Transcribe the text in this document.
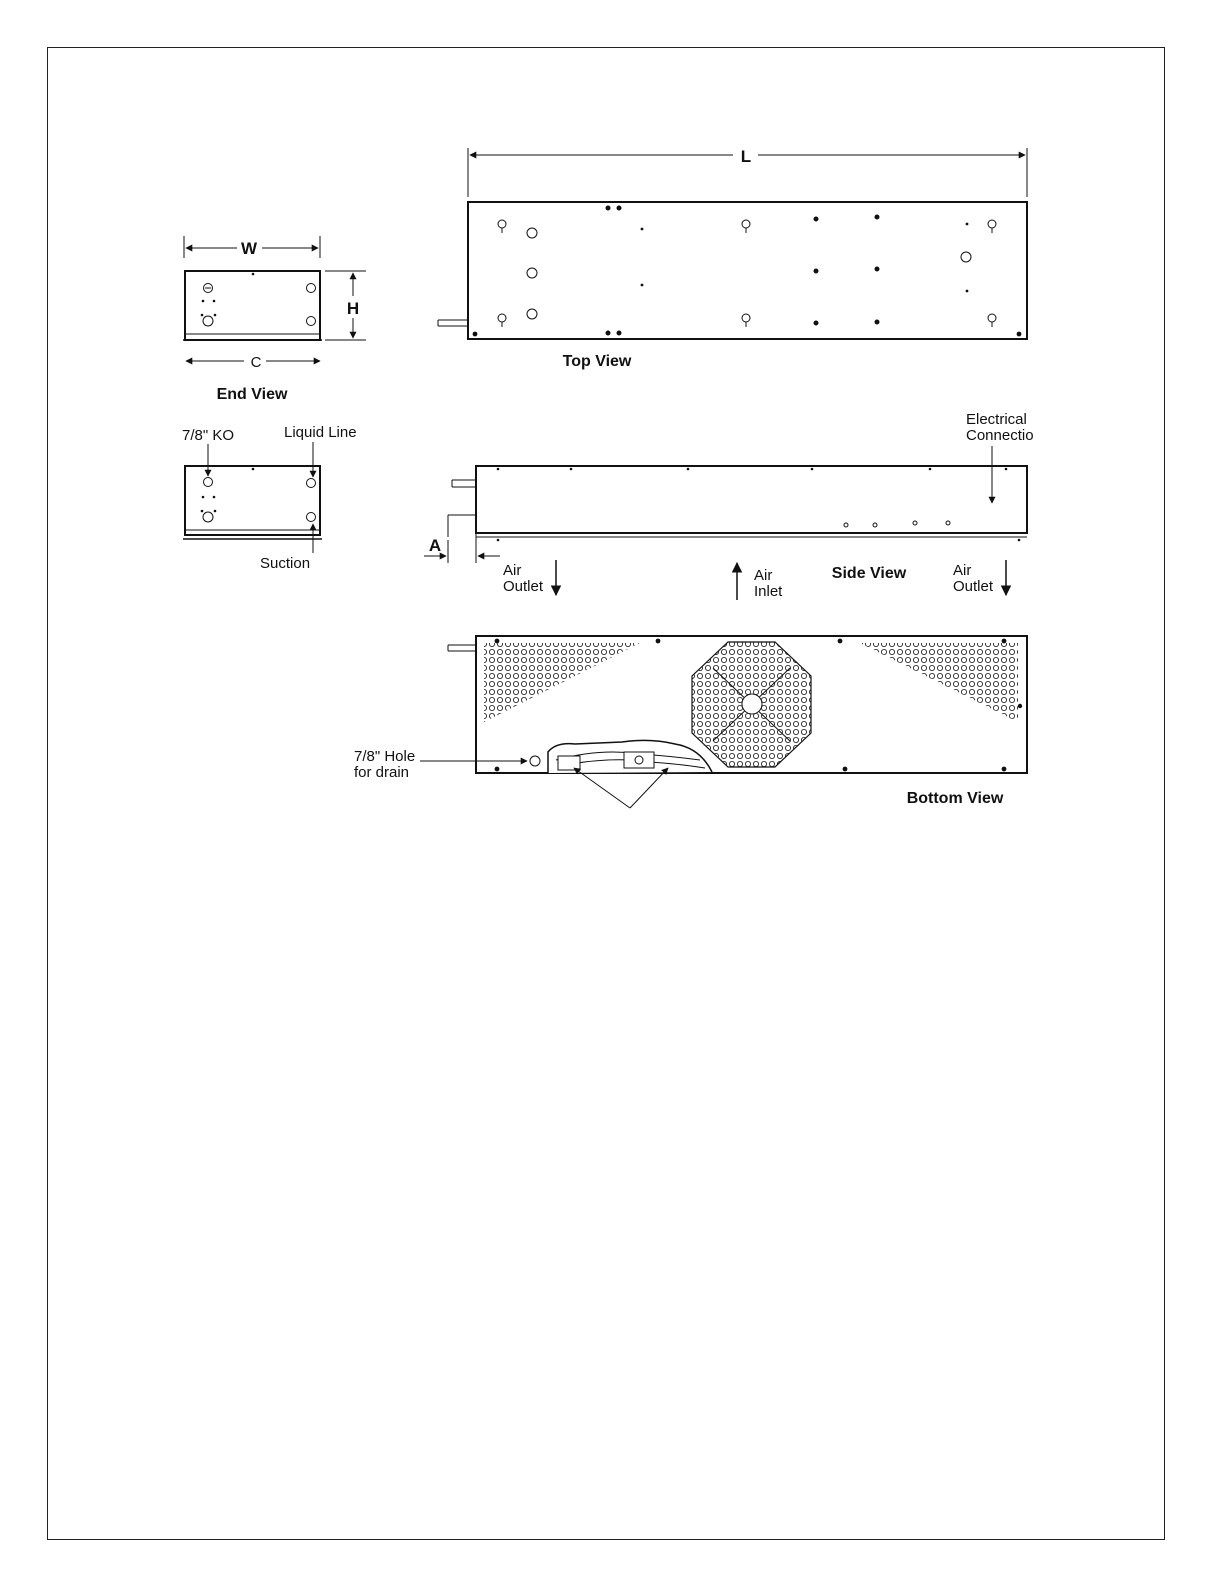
W
H
C
End View
7/8" KO	Liquid Line
Suction
L
Top View
A
Electrical
Connectio
Air
Outlet
Air
Inlet
Side View	Air
Outlet
7/8" Hole
for drain
Bottom View
